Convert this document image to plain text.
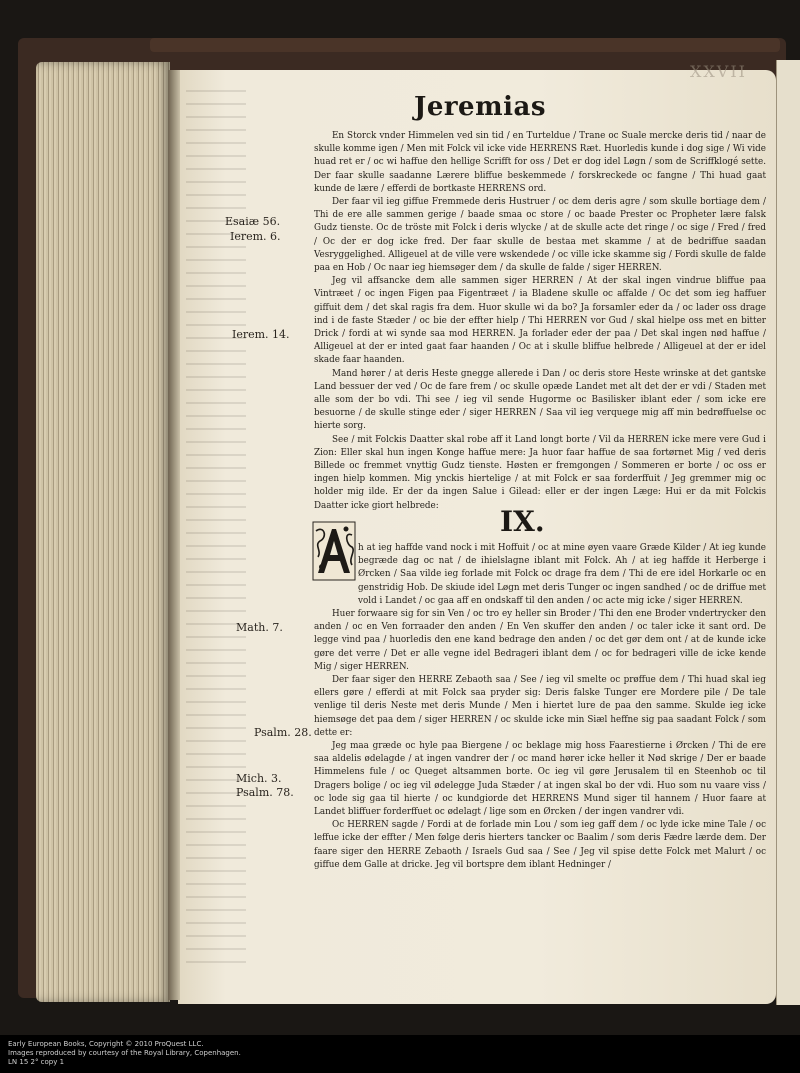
XXVII
Jeremias

En Storck vnder Himmelen ved sin tid / en Turteldue / Trane oc Suale mercke deris tid / naar de skulle komme igen / Men mit Folck vil icke vide HERRENS Ræt. Huorledis kunde i dog sige / Wi vide huad ret er / oc wi haffue den hellige Scrifft for oss / Det er dog idel Løgn / som de Scriffklogé sette. Der faar skulle saadanne Lærere bliffue beskemmede / forskreckede oc fangne / Thi huad gaat kunde de lære / efferdi de bortkaste HERRENS ord.

Der faar vil ieg giffue Fremmede deris Hustruer / oc dem deris agre / som skulle bortiage dem / Thi de ere alle sammen gerige / baade smaa oc store / oc baade Prester oc Propheter lære falsk Gudz tienste. Oc de tröste mit Folck i deris wlycke / at de skulle acte det ringe / oc sige / Fred / fred / Oc der er dog icke fred. Der faar skulle de bestaa met skamme / at de bedriffue saadan Vesryggelighed. Alligeuel at de ville vere wskendede / oc ville icke skamme sig / Fordi skulle de falde paa en Hob / Oc naar ieg hiemsøger dem / da skulle de falde / siger HERREN.

Jeg vil affsancke dem alle sammen siger HERREN / At der skal ingen vindrue bliffue paa Vintræet / oc ingen Figen paa Figentræet / ia Bladene skulle oc affalde / Oc det som ieg haffuer giffuit dem / det skal ragis fra dem. Huor skulle wi da bo? Ja forsamler eder da / oc lader oss drage ind i de faste Stæder / oc bie der effter hielp / Thi HERREN vor Gud / skal hielpe oss met en bitter Drick / fordi at wi synde saa mod HERREN. Ja forlader eder der paa / Det skal ingen nød haffue / Alligeuel at der er inted gaat faar haanden / Oc at i skulle bliffue helbrede / Alligeuel at der er idel skade faar haanden.

Mand hører / at deris Heste gnegge allerede i Dan / oc deris store Heste wrinske at det gantske Land bessuer der ved / Oc de fare frem / oc skulle opæde Landet met alt det der er vdi / Staden met alle som der bo vdi. Thi see / ieg vil sende Hugorme oc Basilisker iblant eder / som icke ere besuorne / de skulle stinge eder / siger HERREN / Saa vil ieg verquege mig aff min bedrøffuelse oc hierte sorg.

See / mit Folckis Daatter skal robe aff it Land longt borte / Vil da HERREN icke mere vere Gud i Zion: Eller skal hun ingen Konge haffue mere: Ja huor faar haffue de saa fortørnet Mig / ved deris Billede oc fremmet vnyttig Gudz tienste. Høsten er fremgongen / Sommeren er borte / oc oss er ingen hielp kommen. Mig ynckis hiertelige / at mit Folck er saa forderffuit / Jeg gremmer mig oc holder mig ilde. Er der da ingen Salue i Gilead: eller er der ingen Læge: Hui er da mit Folckis Daatter icke giort helbrede:	IX.

h at ieg haffde vand nock i mit Hoffuit / oc at mine øyen vaare Græde Kilder / At ieg kunde begræde dag oc nat / de ihielslagne iblant mit Folck. Ah / at ieg haffde it Herberge i Ørcken / Saa vilde ieg forlade mit Folck oc drage fra dem / Thi de ere idel Horkarle oc en genstridig Hob. De skiude idel Løgn met deris Tunger oc ingen sandhed / oc de driffue met vold i Landet / oc gaa aff en ondskaff til den anden / oc acte mig icke / siger HERREN.

Huer forwaare sig for sin Ven / oc tro ey heller sin Broder / Thi den ene Broder vndertrycker den anden / oc en Ven forraader den anden / En Ven skuffer den anden / oc taler icke it sant ord. De legge vind paa / huorledis den ene kand bedrage den anden / oc det gør dem ont / at de kunde icke gøre det verre / Det er alle vegne idel Bedrageri iblant dem / oc for bedrageri ville de icke kende Mig / siger HERREN.

Der faar siger den HERRE Zebaoth saa / See / ieg vil smelte oc prøffue dem / Thi huad skal ieg ellers gøre / efferdi at mit Folck saa pryder sig: Deris falske Tunger ere Mordere pile / De tale venlige til deris Neste met deris Munde / Men i hiertet lure de paa den samme. Skulde ieg icke hiemsøge det paa dem / siger HERREN / oc skulde icke min Siæl heffne sig paa saadant Folck / som dette er:

Jeg maa græde oc hyle paa Biergene / oc beklage mig hoss Faarestierne i Ørcken / Thi de ere saa aldelis ødelagde / at ingen vandrer der / oc mand hører icke heller it Nød skrige / Der er baade Himmelens fule / oc Queget altsammen borte. Oc ieg vil gøre Jerusalem til en Steenhob oc til Dragers bolige / oc ieg vil ødelegge Juda Stæder / at ingen skal bo der vdi. Huo som nu vaare viss / oc lode sig gaa til hierte / oc kundgiorde det HERRENS Mund siger til hannem / Huor faare at Landet bliffuer forderffuet oc ødelagt / lige som en Ørcken / der ingen vandrer vdi.

Oc HERREN sagde / Fordi at de forlade min Lou / som ieg gaff dem / oc lyde icke mine Tale / oc leffue icke der effter / Men følge deris hierters tancker oc Baalim / som deris Fædre lærde dem. Der faare siger den HERRE Zebaoth / Israels Gud saa / See / Jeg vil spise dette Folck met Malurt / oc giffue dem Galle at dricke. Jeg vil bortspre dem iblant Hedninger /

Esaiæ 56.
Ierem. 6.
Ierem. 14.
Math. 7.
Psalm. 28.
Mich. 3.
Psalm. 78.
Early European Books, Copyright © 2010 ProQuest LLC.
Images reproduced by courtesy of the Royal Library, Copenhagen.
LN 15 2° copy 1
